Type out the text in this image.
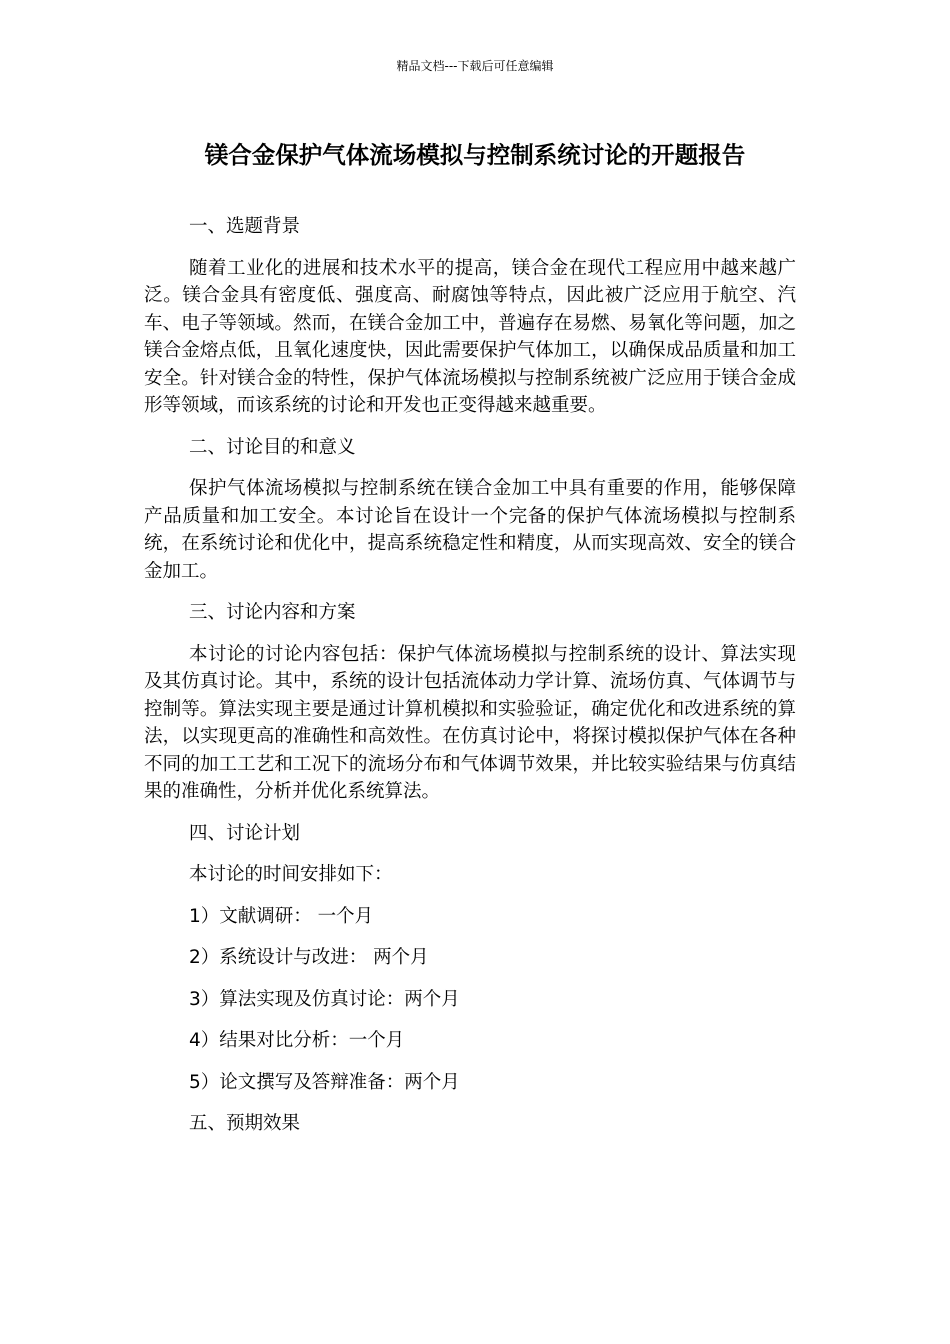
精品文档---下载后可任意编辑
镁合金保护气体流场模拟与控制系统讨论的开题报告

一、选题背景

随着工业化的进展和技术水平的提高，镁合金在现代工程应用中越来越广泛。镁合金具有密度低、强度高、耐腐蚀等特点，因此被广泛应用于航空、汽车、电子等领域。然而，在镁合金加工中，普遍存在易燃、易氧化等问题，加之镁合金熔点低，且氧化速度快，因此需要保护气体加工，以确保成品质量和加工安全。针对镁合金的特性，保护气体流场模拟与控制系统被广泛应用于镁合金成形等领域，而该系统的讨论和开发也正变得越来越重要。

二、讨论目的和意义

保护气体流场模拟与控制系统在镁合金加工中具有重要的作用，能够保障产品质量和加工安全。本讨论旨在设计一个完备的保护气体流场模拟与控制系统，在系统讨论和优化中，提高系统稳定性和精度，从而实现高效、安全的镁合金加工。

三、讨论内容和方案

本讨论的讨论内容包括：保护气体流场模拟与控制系统的设计、算法实现及其仿真讨论。其中，系统的设计包括流体动力学计算、流场仿真、气体调节与控制等。算法实现主要是通过计算机模拟和实验验证，确定优化和改进系统的算法，以实现更高的准确性和高效性。在仿真讨论中，将探讨模拟保护气体在各种不同的加工工艺和工况下的流场分布和气体调节效果，并比较实验结果与仿真结果的准确性，分析并优化系统算法。

四、讨论计划

本讨论的时间安排如下：

1）文献调研： 一个月

2）系统设计与改进： 两个月

3）算法实现及仿真讨论：两个月

4）结果对比分析：一个月

5）论文撰写及答辩准备：两个月

五、预期效果
